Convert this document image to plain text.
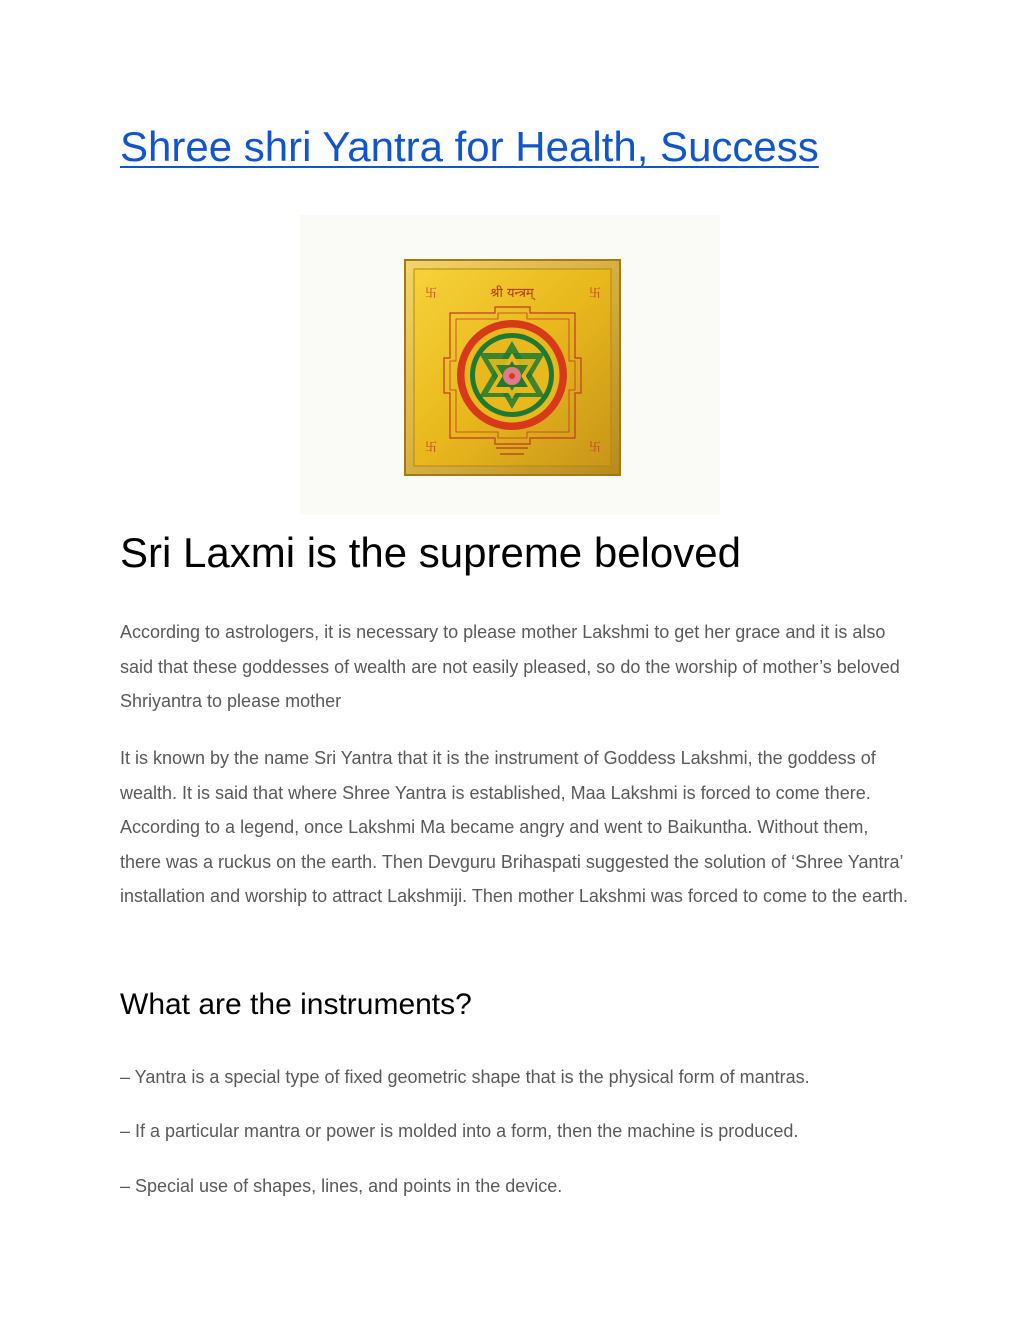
Shree shri Yantra for Health, Success
श्री यन्त्रम्
卐	卐
卐	卐
Sri Laxmi is the supreme beloved

According to astrologers, it is necessary to please mother Lakshmi to get her grace and it is also said that these goddesses of wealth are not easily pleased, so do the worship of mother’s beloved Shriyantra to please mother

It is known by the name Sri Yantra that it is the instrument of Goddess Lakshmi, the goddess of wealth. It is said that where Shree Yantra is established, Maa Lakshmi is forced to come there. According to a legend, once Lakshmi Ma became angry and went to Baikuntha. Without them, there was a ruckus on the earth. Then Devguru Brihaspati suggested the solution of ‘Shree Yantra’ installation and worship to attract Lakshmiji. Then mother Lakshmi was forced to come to the earth.

What are the instruments?

– Yantra is a special type of fixed geometric shape that is the physical form of mantras.

– If a particular mantra or power is molded into a form, then the machine is produced.

– Special use of shapes, lines, and points in the device.
